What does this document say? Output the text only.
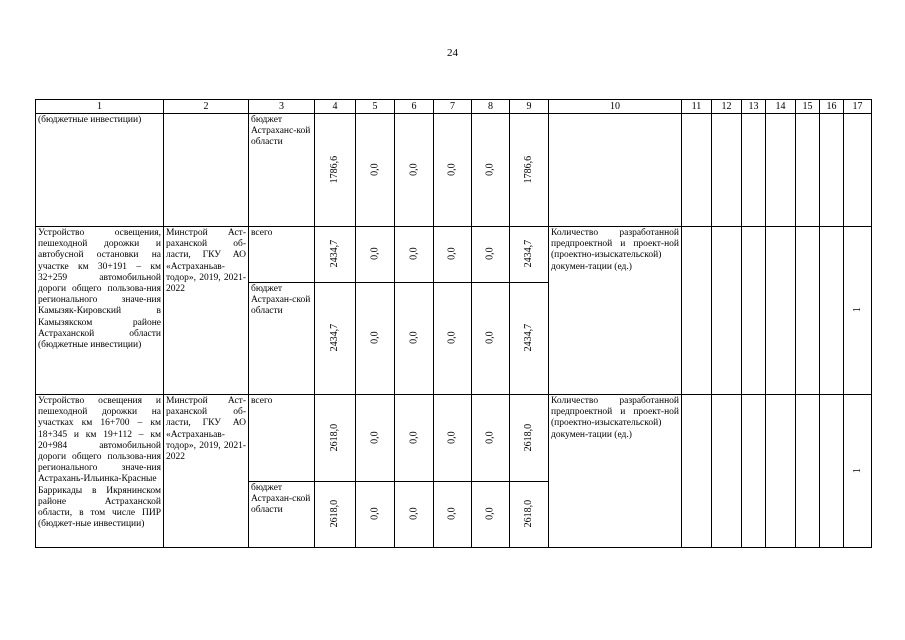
24
1	2	3	4	5	6	7	8	9	10	11	12	13	14	15	16	17
(бюджетные инвестиции)		бюджет Астраханс-кой области	1786,6	0,0	0,0	0,0	0,0	1786,6								
Устройство освещения, пешеходной дорожки и автобусной остановки на участке км 30+191 – км 32+259 автомобильной дороги общего пользова-ния регионального значе-ния Камызяк-Кировский в Камызякском районе Астраханской области (бюджетные инвестиции)	Минстрой Аст-раханской об-ласти, ГКУ АО «Астраханьав-тодор», 2019, 2021-2022	всего	2434,7	0,0	0,0	0,0	0,0	2434,7	Количество разработанной предпроектной и проект-ной (проектно-изыскательской) докумен-тации (ед.)							1
		бюджет Астрахан-ской области	2434,7	0,0	0,0	0,0	0,0	2434,7								
Устройство освещения и пешеходной дорожки на участках км 16+700 – км 18+345 и км 19+112 – км 20+984 автомобильной дороги общего пользова-ния регионального значе-ния Астрахань-Ильинка-Красные Баррикады в Икрянинском районе Астраханской области, в том числе ПИР (бюджет-ные инвестиции)	Минстрой Аст-раханской об-ласти, ГКУ АО «Астраханьав-тодор», 2019, 2021-2022	всего	2618,0	0,0	0,0	0,0	0,0	2618,0	Количество разработанной предпроектной и проект-ной (проектно-изыскательской) докумен-тации (ед.)							1
		бюджет Астрахан-ской области	2618,0	0,0	0,0	0,0	0,0	2618,0								
